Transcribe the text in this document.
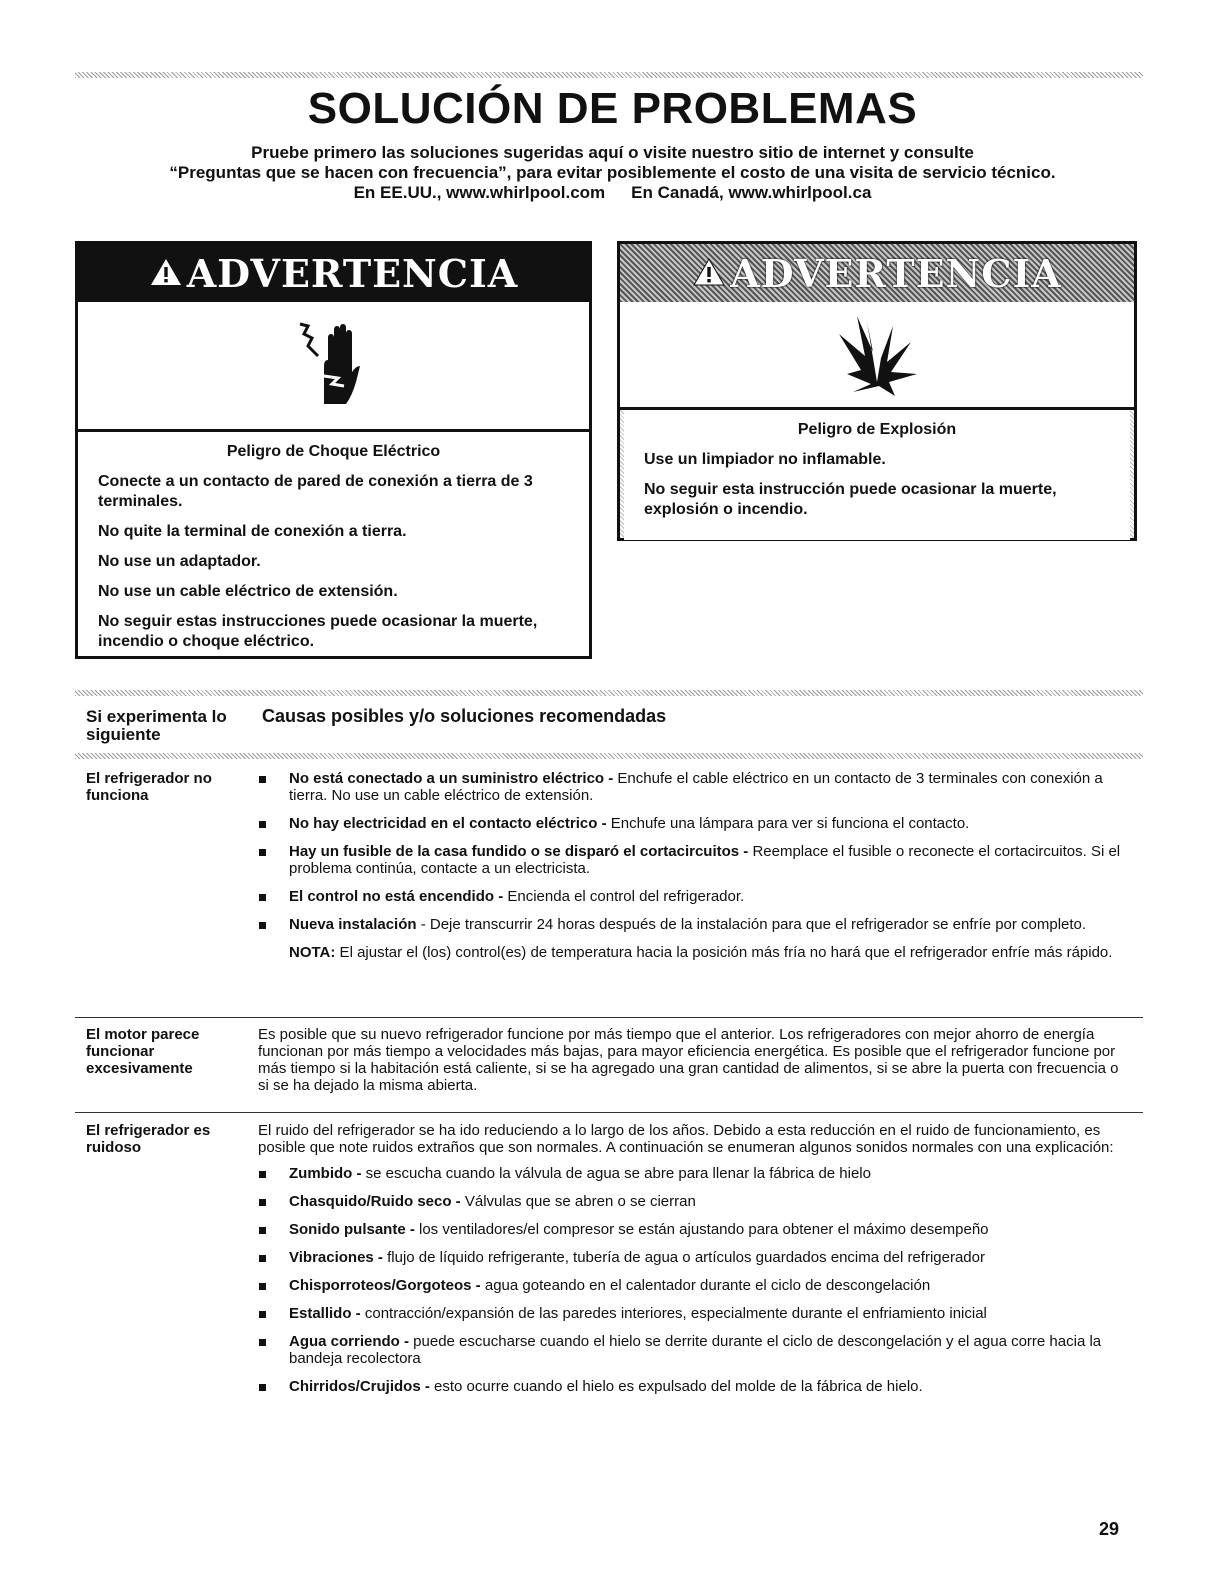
SOLUCIÓN DE PROBLEMAS
Pruebe primero las soluciones sugeridas aquí o visite nuestro sitio de internet y consulte
“Preguntas que se hacen con frecuencia”, para evitar posiblemente el costo de una visita de servicio técnico.
En EE.UU., www.whirlpool.com En Canadá, www.whirlpool.ca
ADVERTENCIA
Peligro de Choque Eléctrico

Conecte a un contacto de pared de conexión a tierra de 3 terminales.

No quite la terminal de conexión a tierra.

No use un adaptador.

No use un cable eléctrico de extensión.

No seguir estas instrucciones puede ocasionar la muerte, incendio o choque eléctrico.

ADVERTENCIA
Peligro de Explosión

Use un limpiador no inflamable.

No seguir esta instrucción puede ocasionar la muerte, explosión o incendio.

Si experimenta lo siguiente
Causas posibles y/o soluciones recomendadas
El refrigerador no funciona
No está conectado a un suministro eléctrico - Enchufe el cable eléctrico en un contacto de 3 terminales con conexión a tierra. No use un cable eléctrico de extensión.
No hay electricidad en el contacto eléctrico - Enchufe una lámpara para ver si funciona el contacto.
Hay un fusible de la casa fundido o se disparó el cortacircuitos - Reemplace el fusible o reconecte el cortacircuitos. Si el problema continúa, contacte a un electricista.
El control no está encendido - Encienda el control del refrigerador.
Nueva instalación - Deje transcurrir 24 horas después de la instalación para que el refrigerador se enfríe por completo.
NOTA: El ajustar el (los) control(es) de temperatura hacia la posición más fría no hará que el refrigerador enfríe más rápido.
El motor parece funcionar excesivamente
Es posible que su nuevo refrigerador funcione por más tiempo que el anterior. Los refrigeradores con mejor ahorro de energía funcionan por más tiempo a velocidades más bajas, para mayor eficiencia energética. Es posible que el refrigerador funcione por más tiempo si la habitación está caliente, si se ha agregado una gran cantidad de alimentos, si se abre la puerta con frecuencia o si se ha dejado la misma abierta.
El refrigerador es ruidoso
El ruido del refrigerador se ha ido reduciendo a lo largo de los años. Debido a esta reducción en el ruido de funcionamiento, es posible que note ruidos extraños que son normales. A continuación se enumeran algunos sonidos normales con una explicación:
Zumbido - se escucha cuando la válvula de agua se abre para llenar la fábrica de hielo
Chasquido/Ruido seco - Válvulas que se abren o se cierran
Sonido pulsante - los ventiladores/el compresor se están ajustando para obtener el máximo desempeño
Vibraciones - flujo de líquido refrigerante, tubería de agua o artículos guardados encima del refrigerador
Chisporroteos/Gorgoteos - agua goteando en el calentador durante el ciclo de descongelación
Estallido - contracción/expansión de las paredes interiores, especialmente durante el enfriamiento inicial
Agua corriendo - puede escucharse cuando el hielo se derrite durante el ciclo de descongelación y el agua corre hacia la bandeja recolectora
Chirridos/Crujidos - esto ocurre cuando el hielo es expulsado del molde de la fábrica de hielo.
29
